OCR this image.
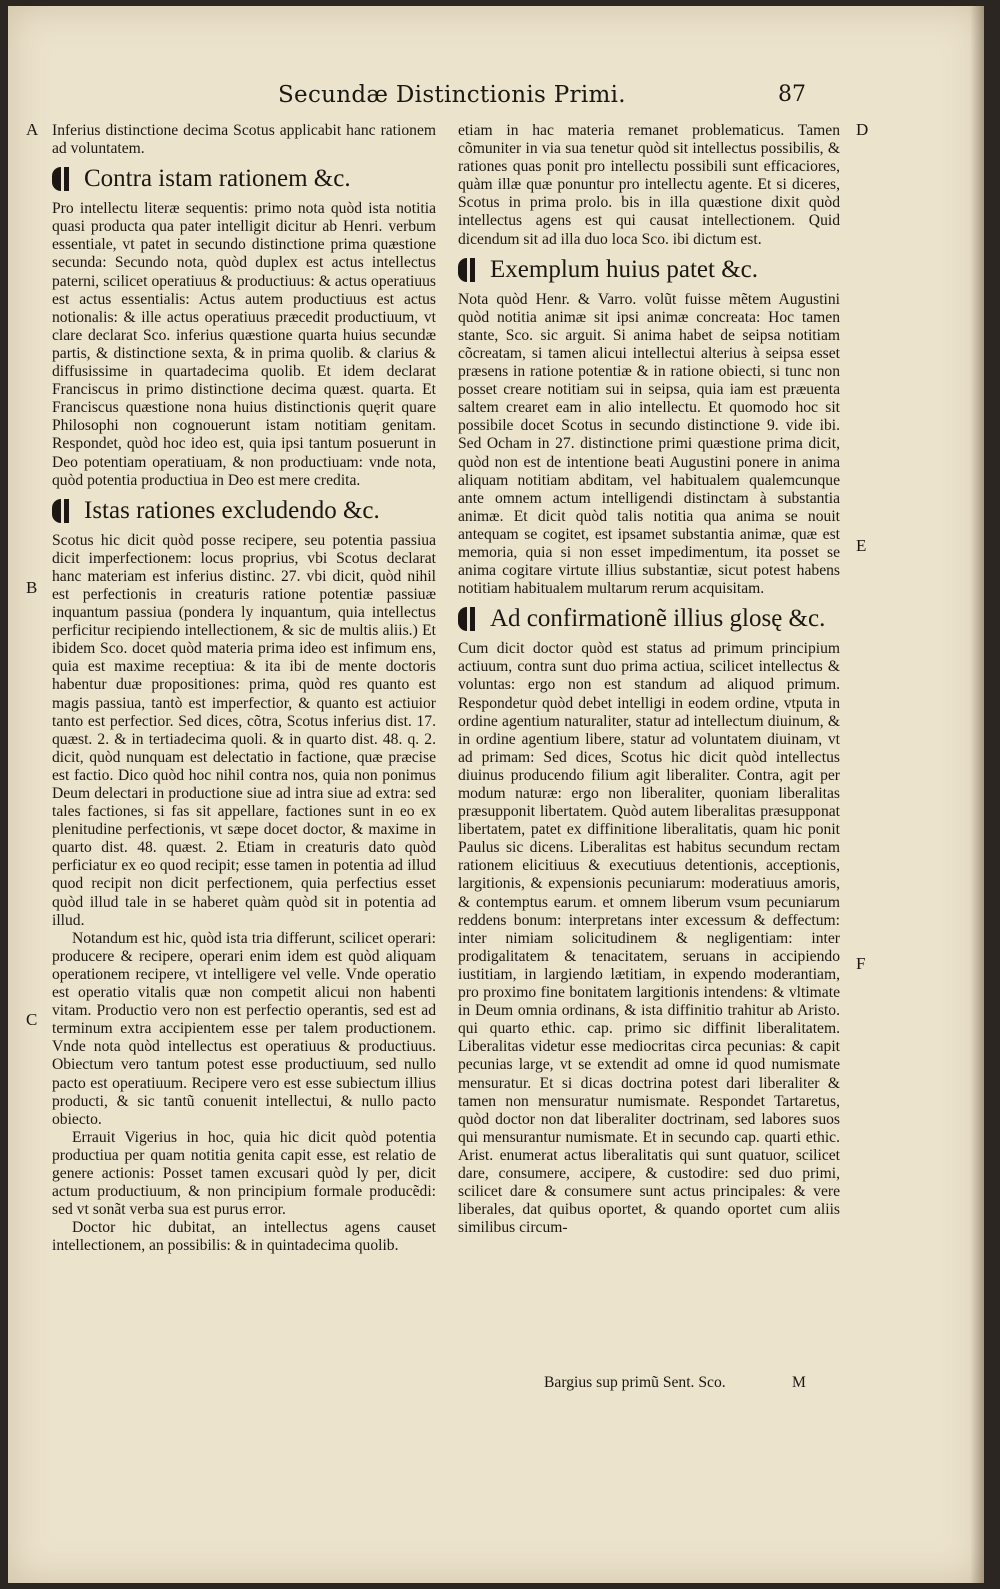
Secundæ Distinctionis Primi.	87
A
B
C
D
E
F

Inferius distinctione decima Scotus applicabit hanc rationem ad voluntatem.

Contra istam rationem &c.

Pro intellectu literæ sequentis: primo nota quòd ista notitia quasi producta qua pater intelligit dicitur ab Henri. verbum essentiale, vt patet in secundo distinctione prima quæstione secunda: Secundo nota, quòd duplex est actus intellectus paterni, scilicet operatiuus & productiuus: & actus operatiuus est actus essentialis: Actus autem productiuus est actus notionalis: & ille actus operatiuus præcedit productiuum, vt clare declarat Sco. inferius quæstione quarta huius secundæ partis, & distinctione sexta, & in prima quolib. & clarius & diffusissime in quartadecima quolib. Et idem declarat Franciscus in primo distinctione decima quæst. quarta. Et Franciscus quæstione nona huius distinctionis quęrit quare Philosophi non cognouerunt istam notitiam genitam. Respondet, quòd hoc ideo est, quia ipsi tantum posuerunt in Deo potentiam operatiuam, & non productiuam: vnde nota, quòd potentia productiua in Deo est mere credita.

Istas rationes excludendo &c.

Scotus hic dicit quòd posse recipere, seu potentia passiua dicit imperfectionem: locus proprius, vbi Scotus declarat hanc materiam est inferius distinc. 27. vbi dicit, quòd nihil est perfectionis in creaturis ratione potentiæ passiuæ inquantum passiua (pondera ly inquantum, quia intellectus perficitur recipiendo intellectionem, & sic de multis aliis.) Et ibidem Sco. docet quòd materia prima ideo est infimum ens, quia est maxime receptiua: & ita ibi de mente doctoris habentur duæ propositiones: prima, quòd res quanto est magis passiua, tantò est imperfectior, & quanto est actiuior tanto est perfectior. Sed dices, cõtra, Scotus inferius dist. 17. quæst. 2. & in tertiadecima quoli. & in quarto dist. 48. q. 2. dicit, quòd nunquam est delectatio in factione, quæ præcise est factio. Dico quòd hoc nihil contra nos, quia non ponimus Deum delectari in productione siue ad intra siue ad extra: sed tales factiones, si fas sit appellare, factiones sunt in eo ex plenitudine perfectionis, vt sæpe docet doctor, & maxime in quarto dist. 48. quæst. 2. Etiam in creaturis dato quòd perficiatur ex eo quod recipit; esse tamen in potentia ad illud quod recipit non dicit perfectionem, quia perfectius esset quòd illud tale in se haberet quàm quòd sit in potentia ad illud.

Notandum est hic, quòd ista tria differunt, scilicet operari: producere & recipere, operari enim idem est quòd aliquam operationem recipere, vt intelligere vel velle. Vnde operatio est operatio vitalis quæ non competit alicui non habenti vitam. Productio vero non est perfectio operantis, sed est ad terminum extra accipientem esse per talem productionem. Vnde nota quòd intellectus est operatiuus & productiuus. Obiectum vero tantum potest esse productiuum, sed nullo pacto est operatiuum. Recipere vero est esse subiectum illius producti, & sic tantũ conuenit intellectui, & nullo pacto obiecto.

Errauit Vigerius in hoc, quia hic dicit quòd potentia productiua per quam notitia genita capit esse, est relatio de genere actionis: Posset tamen excusari quòd ly per, dicit actum productiuum, & non principium formale producẽdi: sed vt sonãt verba sua est purus error.

Doctor hic dubitat, an intellectus agens causet intellectionem, an possibilis: & in quintadecima quolib.

etiam in hac materia remanet problematicus. Tamen cõmuniter in via sua tenetur quòd sit intellectus possibilis, & rationes quas ponit pro intellectu possibili sunt efficaciores, quàm illæ quæ ponuntur pro intellectu agente. Et si diceres, Scotus in prima prolo. bis in illa quæstione dixit quòd intellectus agens est qui causat intellectionem. Quid dicendum sit ad illa duo loca Sco. ibi dictum est.

Exemplum huius patet &c.

Nota quòd Henr. & Varro. volũt fuisse mẽtem Augustini quòd notitia animæ sit ipsi animæ concreata: Hoc tamen stante, Sco. sic arguit. Si anima habet de seipsa notitiam cõcreatam, si tamen alicui intellectui alterius à seipsa esset præsens in ratione potentiæ & in ratione obiecti, si tunc non posset creare notitiam sui in seipsa, quia iam est præuenta saltem crearet eam in alio intellectu. Et quomodo hoc sit possibile docet Scotus in secundo distinctione 9. vide ibi. Sed Ocham in 27. distinctione primi quæstione prima dicit, quòd non est de intentione beati Augustini ponere in anima aliquam notitiam abditam, vel habitualem qualemcunque ante omnem actum intelligendi distinctam à substantia animæ. Et dicit quòd talis notitia qua anima se nouit antequam se cogitet, est ipsamet substantia animæ, quæ est memoria, quia si non esset impedimentum, ita posset se anima cogitare virtute illius substantiæ, sicut potest habens notitiam habitualem multarum rerum acquisitam.

Ad confirmationẽ illius glosę &c.

Cum dicit doctor quòd est status ad primum principium actiuum, contra sunt duo prima actiua, scilicet intellectus & voluntas: ergo non est standum ad aliquod primum. Respondetur quòd debet intelligi in eodem ordine, vtputa in ordine agentium naturaliter, statur ad intellectum diuinum, & in ordine agentium libere, statur ad voluntatem diuinam, vt ad primam: Sed dices, Scotus hic dicit quòd intellectus diuinus producendo filium agit liberaliter. Contra, agit per modum naturæ: ergo non liberaliter, quoniam liberalitas præsupponit libertatem. Quòd autem liberalitas præsupponat libertatem, patet ex diffinitione liberalitatis, quam hic ponit Paulus sic dicens. Liberalitas est habitus secundum rectam rationem elicitiuus & executiuus detentionis, acceptionis, largitionis, & expensionis pecuniarum: moderatiuus amoris, & contemptus earum. et omnem liberum vsum pecuniarum reddens bonum: interpretans inter excessum & deffectum: inter nimiam solicitudinem & negligentiam: inter prodigalitatem & tenacitatem, seruans in accipiendo iustitiam, in largiendo lætitiam, in expendo moderantiam, pro proximo fine bonitatem largitionis intendens: & vltimate in Deum omnia ordinans, & ista diffinitio trahitur ab Aristo. qui quarto ethic. cap. primo sic diffinit liberalitatem. Liberalitas videtur esse mediocritas circa pecunias: & capit pecunias large, vt se extendit ad omne id quod numismate mensuratur. Et si dicas doctrina potest dari liberaliter & tamen non mensuratur numismate. Respondet Tartaretus, quòd doctor non dat liberaliter doctrinam, sed labores suos qui mensurantur numismate. Et in secundo cap. quarti ethic. Arist. enumerat actus liberalitatis qui sunt quatuor, scilicet dare, consumere, accipere, & custodire: sed duo primi, scilicet dare & consumere sunt actus principales: & vere liberales, dat quibus oportet, & quando oportet cum aliis similibus circum-

Bargius sup primũ Sent. Sco.	M
